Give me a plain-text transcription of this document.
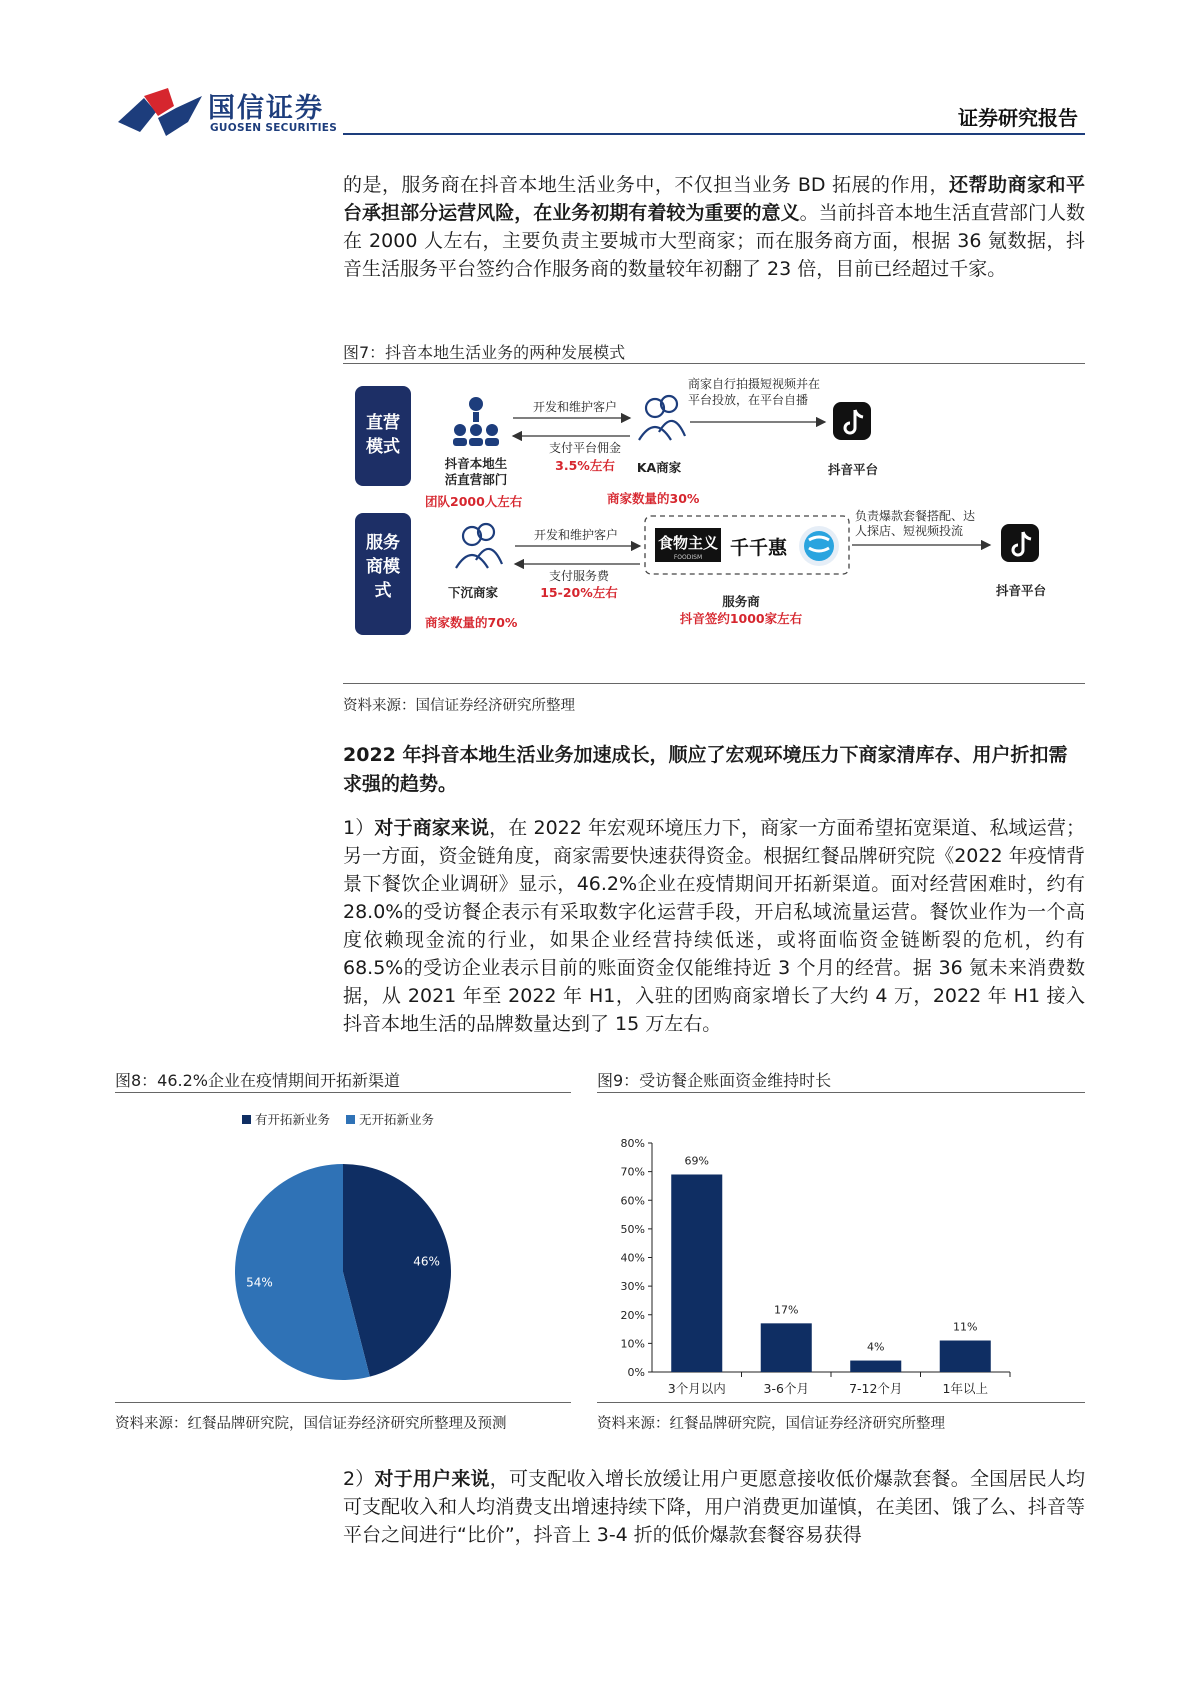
国信证券
GUOSEN SECURITIES	证券研究报告
的是，服务商在抖音本地生活业务中，不仅担当业务 BD 拓展的作用，还帮助商家和平台承担部分运营风险，在业务初期有着较为重要的意义。当前抖音本地生活直营部门人数在 2000 人左右，主要负责主要城市大型商家；而在服务商方面，根据 36 氪数据，抖音生活服务平台签约合作服务商的数量较年初翻了 23 倍，目前已经超过千家。
图7：抖音本地生活业务的两种发展模式
直营
模式
抖音本地生
活直营部门
团队2000人左右
开发和维护客户
支付平台佣金
3.5%左右 KA商家
商家数量的30%
商家自行拍摄短视频并在
平台投放，在平台自播
抖音平台
服务
商模
式	下沉商家
商家数量的70%
开发和维护客户
支付服务费
15-20%左右
食物主义
FOODISM 千千惠
服务商
抖音签约1000家左右
负责爆款套餐搭配、达
人探店、短视频投流
抖音平台
资料来源：国信证券经济研究所整理
2022 年抖音本地生活业务加速成长，顺应了宏观环境压力下商家清库存、用户折扣需求强的趋势。
1）对于商家来说，在 2022 年宏观环境压力下，商家一方面希望拓宽渠道、私域运营；另一方面，资金链角度，商家需要快速获得资金。根据红餐品牌研究院《2022 年疫情背景下餐饮企业调研》显示，46.2%企业在疫情期间开拓新渠道。面对经营困难时，约有 28.0%的受访餐企表示有采取数字化运营手段，开启私域流量运营。餐饮业作为一个高度依赖现金流的行业，如果企业经营持续低迷，或将面临资金链断裂的危机，约有 68.5%的受访企业表示目前的账面资金仅能维持近 3 个月的经营。据 36 氪未来消费数据，从 2021 年至 2022 年 H1，入驻的团购商家增长了大约 4 万，2022 年 H1 接入抖音本地生活的品牌数量达到了 15 万左右。
图8：46.2%企业在疫情期间开拓新渠道
有开拓新业务 无开拓新业务
46%
54%
资料来源：红餐品牌研究院，国信证券经济研究所整理及预测
图9：受访餐企账面资金维持时长
0%
10%
20%
30%
40%
50%
60%
70%
80%
69%
17%
4%
11%
3个月以内	3-6个月	7-12个月	1年以上
资料来源：红餐品牌研究院，国信证券经济研究所整理
2）对于用户来说，可支配收入增长放缓让用户更愿意接收低价爆款套餐。全国居民人均可支配收入和人均消费支出增速持续下降，用户消费更加谨慎，在美团、饿了么、抖音等平台之间进行“比价”，抖音上 3-4 折的低价爆款套餐容易获得
